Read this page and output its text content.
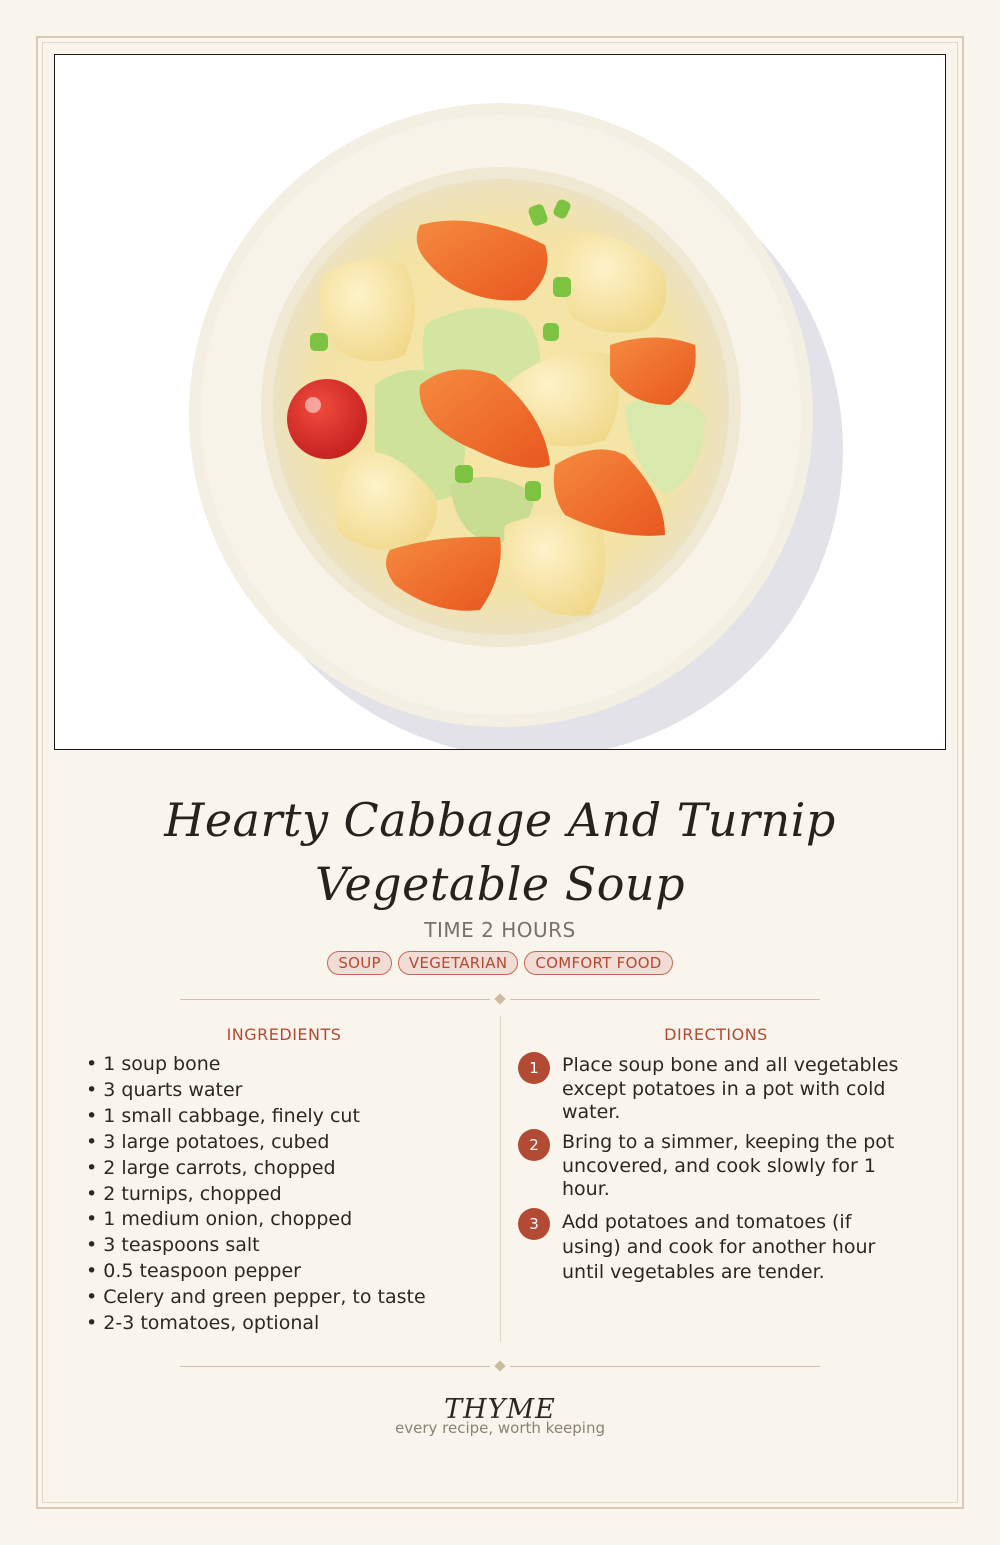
Hearty Cabbage And Turnip Vegetable Soup
TIME 2 HOURS
SOUP VEGETARIAN COMFORT FOOD
INGREDIENTS	DIRECTIONS
• 1 soup bone
• 3 quarts water
• 1 small cabbage, finely cut
• 3 large potatoes, cubed
• 2 large carrots, chopped
• 2 turnips, chopped
• 1 medium onion, chopped
• 3 teaspoons salt
• 0.5 teaspoon pepper
• Celery and green pepper, to taste
• 2-3 tomatoes, optional
1	Place soup bone and all vegetables except potatoes in a pot with cold water.
2	Bring to a simmer, keeping the pot uncovered, and cook slowly for 1 hour.
3	Add potatoes and tomatoes (if using) and cook for another hour until vegetables are tender.
THYME
every recipe, worth keeping
